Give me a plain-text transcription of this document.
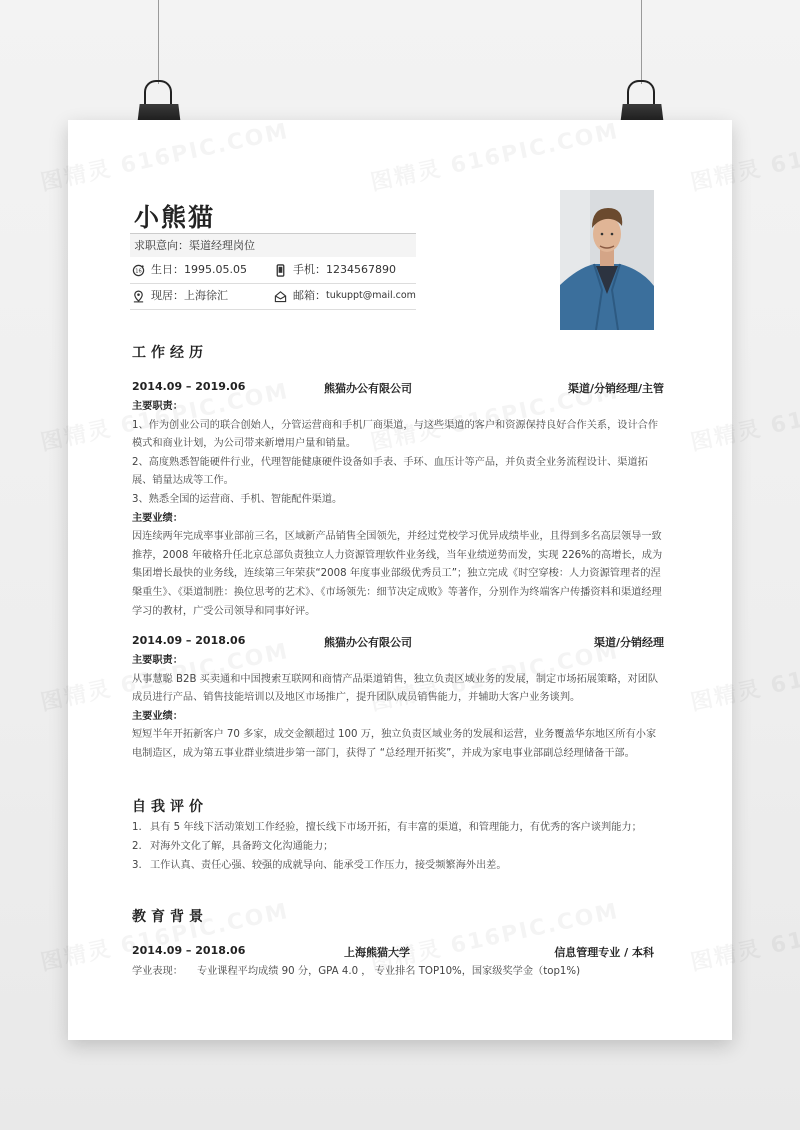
小熊猫
求职意向：渠道经理岗位
16 生日： 1995.05.05	手机： 1234567890
现居： 上海徐汇	邮箱： tukuppt@mail.com
工作经历
2014.09 – 2019.06	熊猫办公有限公司	渠道/分销经理/主管

主要职责：

1、作为创业公司的联合创始人，分管运营商和手机厂商渠道，与这些渠道的客户和资源保持良好合作关系，设计合作模式和商业计划，为公司带来新增用户量和销量。

2、高度熟悉智能硬件行业，代理智能健康硬件设备如手表、手环、血压计等产品，并负责全业务流程设计、渠道拓展、销量达成等工作。

3、熟悉全国的运营商、手机、智能配件渠道。

主要业绩：

因连续两年完成率事业部前三名，区域新产品销售全国领先，并经过党校学习优异成绩毕业，且得到多名高层领导一致推荐，2008 年破格升任北京总部负责独立人力资源管理软件业务线，当年业绩逆势而发，实现 226%的高增长，成为集团增长最快的业务线，连续第三年荣获“2008 年度事业部级优秀员工”；独立完成《时空穿梭：人力资源管理者的涅槃重生》、《渠道制胜：换位思考的艺术》、《市场领先：细节决定成败》等著作，分别作为终端客户传播资料和渠道经理学习的教材，广受公司领导和同事好评。

2014.09 – 2018.06	熊猫办公有限公司	渠道/分销经理

主要职责：

从事慧聪 B2B 买卖通和中国搜索互联网和商情产品渠道销售，独立负责区域业务的发展，制定市场拓展策略，对团队成员进行产品、销售技能培训以及地区市场推广，提升团队成员销售能力，并辅助大客户业务谈判。

主要业绩：

短短半年开拓新客户 70 多家，成交金额超过 100 万，独立负责区域业务的发展和运营，业务覆盖华东地区所有小家电制造区，成为第五事业群业绩进步第一部门，获得了 “总经理开拓奖”，并成为家电事业部副总经理储备干部。

自我评价
1. 具有 5 年线下活动策划工作经验，擅长线下市场开拓，有丰富的渠道，和管理能力，有优秀的客户谈判能力；
2. 对海外文化了解，具备跨文化沟通能力；
3. 工作认真、责任心强、较强的成就导向、能承受工作压力，接受频繁海外出差。
教育背景
2014.09 – 2018.06	上海熊猫大学	信息管理专业 / 本科
学业表现： 专业课程平均成绩 90 分，GPA 4.0 ， 专业排名 TOP10%，国家级奖学金（top1%)
